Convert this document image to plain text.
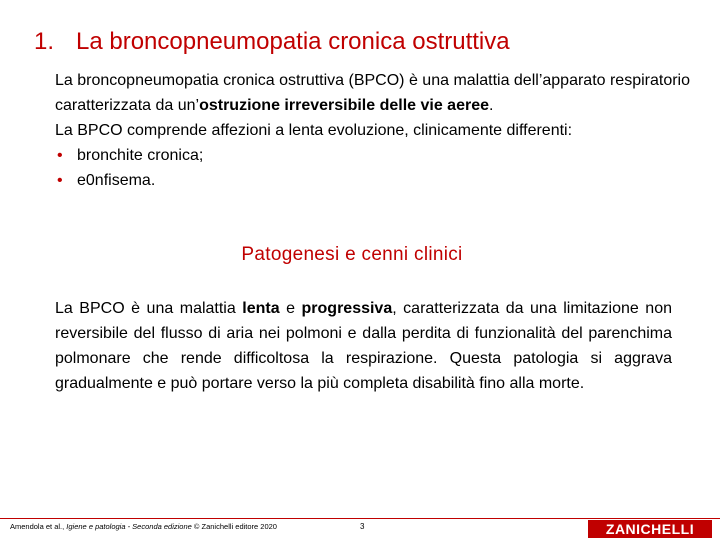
1. La broncopneumopatia cronica ostruttiva

La broncopneumopatia cronica ostruttiva (BPCO) è una malattia dell’apparato respiratorio caratterizzata da un’ostruzione irreversibile delle vie aeree.

La BPCO comprende affezioni a lenta evoluzione, clinicamente differenti:

• bronchite cronica;

• e0nfisema.

Patogenesi e cenni clinici

La BPCO è una malattia lenta e progressiva, caratterizzata da una limitazione non reversibile del flusso di aria nei polmoni e dalla perdita di funzionalità del parenchima polmonare che rende difficoltosa la respirazione. Questa patologia si aggrava gradualmente e può portare verso la più completa disabilità fino alla morte.

Amendola et al., Igiene e patologia - Seconda edizione © Zanichelli editore 2020	3	ZANICHELLI
